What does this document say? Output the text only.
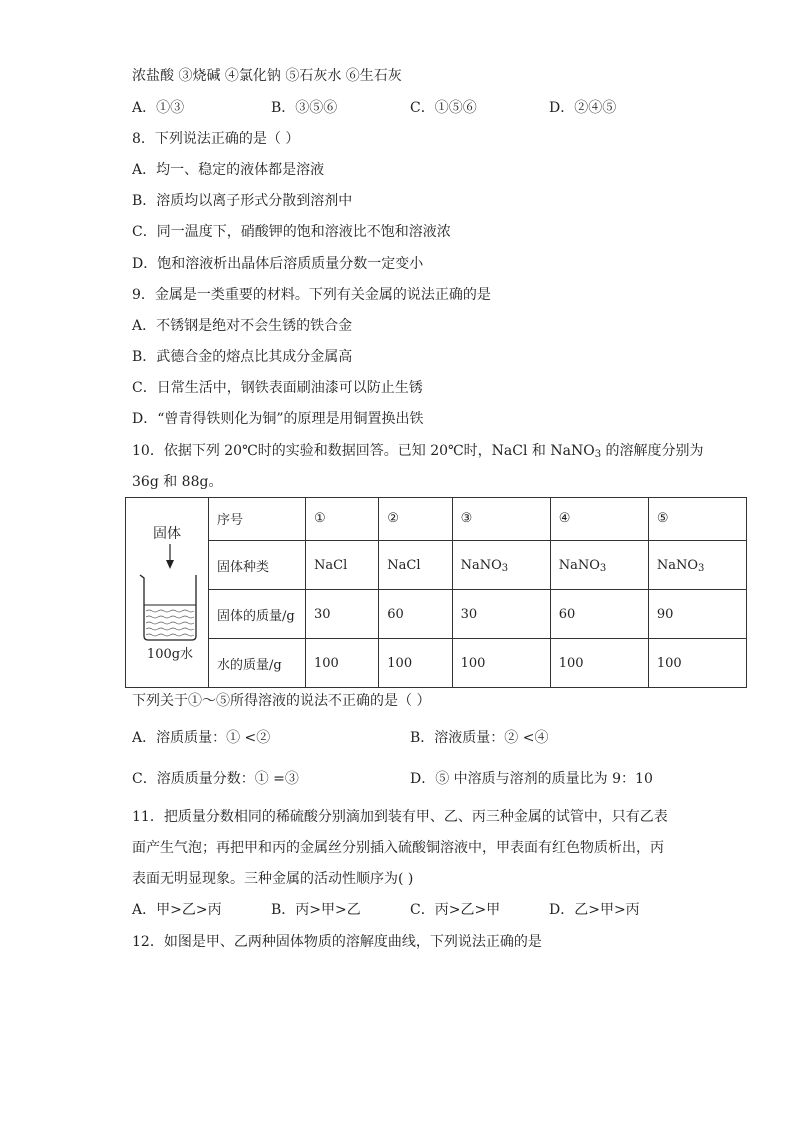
浓盐酸 ③烧碱 ④氯化钠 ⑤石灰水 ⑥生石灰
A．①③	B．③⑤⑥	C．①⑤⑥	D．②④⑤
8．下列说法正确的是（ ）
A．均一、稳定的液体都是溶液
B．溶质均以离子形式分散到溶剂中
C．同一温度下，硝酸钾的饱和溶液比不饱和溶液浓
D．饱和溶液析出晶体后溶质质量分数一定变小
9．金属是一类重要的材料。下列有关金属的说法正确的是
A．不锈钢是绝对不会生锈的铁合金
B．武德合金的熔点比其成分金属高
C．日常生活中，钢铁表面刷油漆可以防止生锈
D．“曾青得铁则化为铜”的原理是用铜置换出铁
10．依据下列 20℃时的实验和数据回答。已知 20℃时，NaCl 和 NaNO$_3$ 的溶解度分别为
36g 和 88g。
固体
100g水	序号	①	②	③	④	⑤
	固体种类	NaCl	NaCl	NaNO$_3$	NaNO$_3$	NaNO$_3$
	固体的质量/g	30	60	30	60	90
	水的质量/g	100	100	100	100	100
下列关于①～⑤所得溶液的说法不正确的是（ ）
A．溶质质量：① <②	B．溶液质量：② <④
C．溶质质量分数：① =③	D．⑤ 中溶质与溶剂的质量比为 9：10
11．把质量分数相同的稀硫酸分别滴加到装有甲、乙、丙三种金属的试管中，只有乙表
面产生气泡；再把甲和丙的金属丝分别插入硫酸铜溶液中，甲表面有红色物质析出，丙
表面无明显现象。三种金属的活动性顺序为( )
A．甲>乙>丙	B．丙>甲>乙	C．丙>乙>甲	D．乙>甲>丙
12．如图是甲、乙两种固体物质的溶解度曲线，下列说法正确的是
